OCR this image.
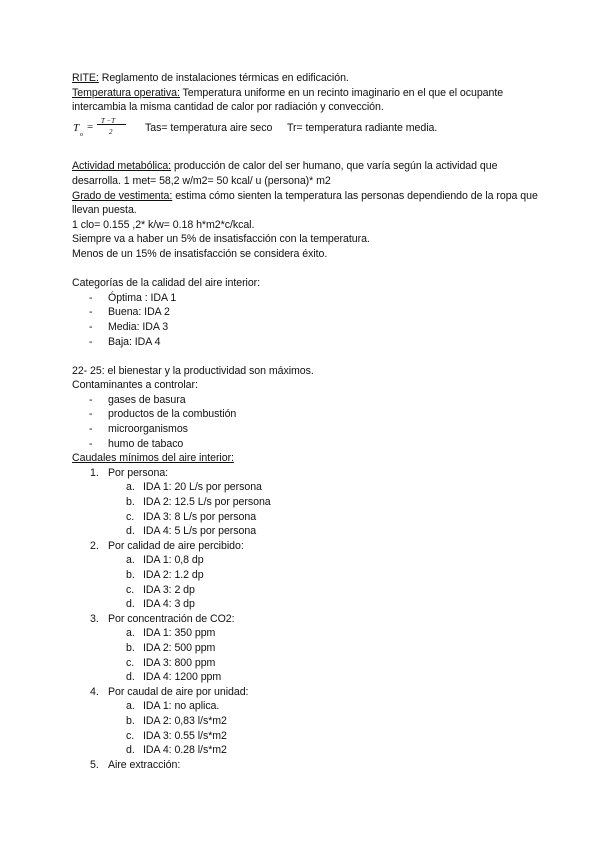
RITE: Reglamento de instalaciones térmicas en edificación.
Temperatura operativa: Temperatura uniforme en un recinto imaginario en el que el ocupante intercambia la misma cantidad de calor por radiación y convección.
T
o
= T −T
2	Tas= temperatura aire seco Tr= temperatura radiante media.
Actividad metabólica: producción de calor del ser humano, que varía según la actividad que desarrolla. 1 met= 58,2 w/m2= 50 kcal/ u (persona)* m2
Grado de vestimenta: estima cómo sienten la temperatura las personas dependiendo de la ropa que llevan puesta.
1 clo= 0.155 ,2* k/w= 0.18 h*m2*c/kcal.
Siempre va a haber un 5% de insatisfacción con la temperatura.
Menos de un 15% de insatisfacción se considera éxito.
Categorías de la calidad del aire interior:
- Óptima : IDA 1
- Buena: IDA 2
- Media: IDA 3
- Baja: IDA 4
22- 25: el bienestar y la productividad son máximos.
Contaminantes a controlar:
- gases de basura
- productos de la combustión
- microorganismos
- humo de tabaco
Caudales mínimos del aire interior:
1. Por persona:
a. IDA 1: 20 L/s por persona
b. IDA 2: 12.5 L/s por persona
c. IDA 3: 8 L/s por persona
d. IDA 4: 5 L/s por persona
2. Por calidad de aire percibido:
a. IDA 1: 0,8 dp
b. IDA 2: 1.2 dp
c. IDA 3: 2 dp
d. IDA 4: 3 dp
3. Por concentración de CO2:
a. IDA 1: 350 ppm
b. IDA 2: 500 ppm
c. IDA 3: 800 ppm
d. IDA 4: 1200 ppm
4. Por caudal de aire por unidad:
a. IDA 1: no aplica.
b. IDA 2: 0,83 l/s*m2
c. IDA 3: 0.55 l/s*m2
d. IDA 4: 0.28 l/s*m2
5. Aire extracción:
